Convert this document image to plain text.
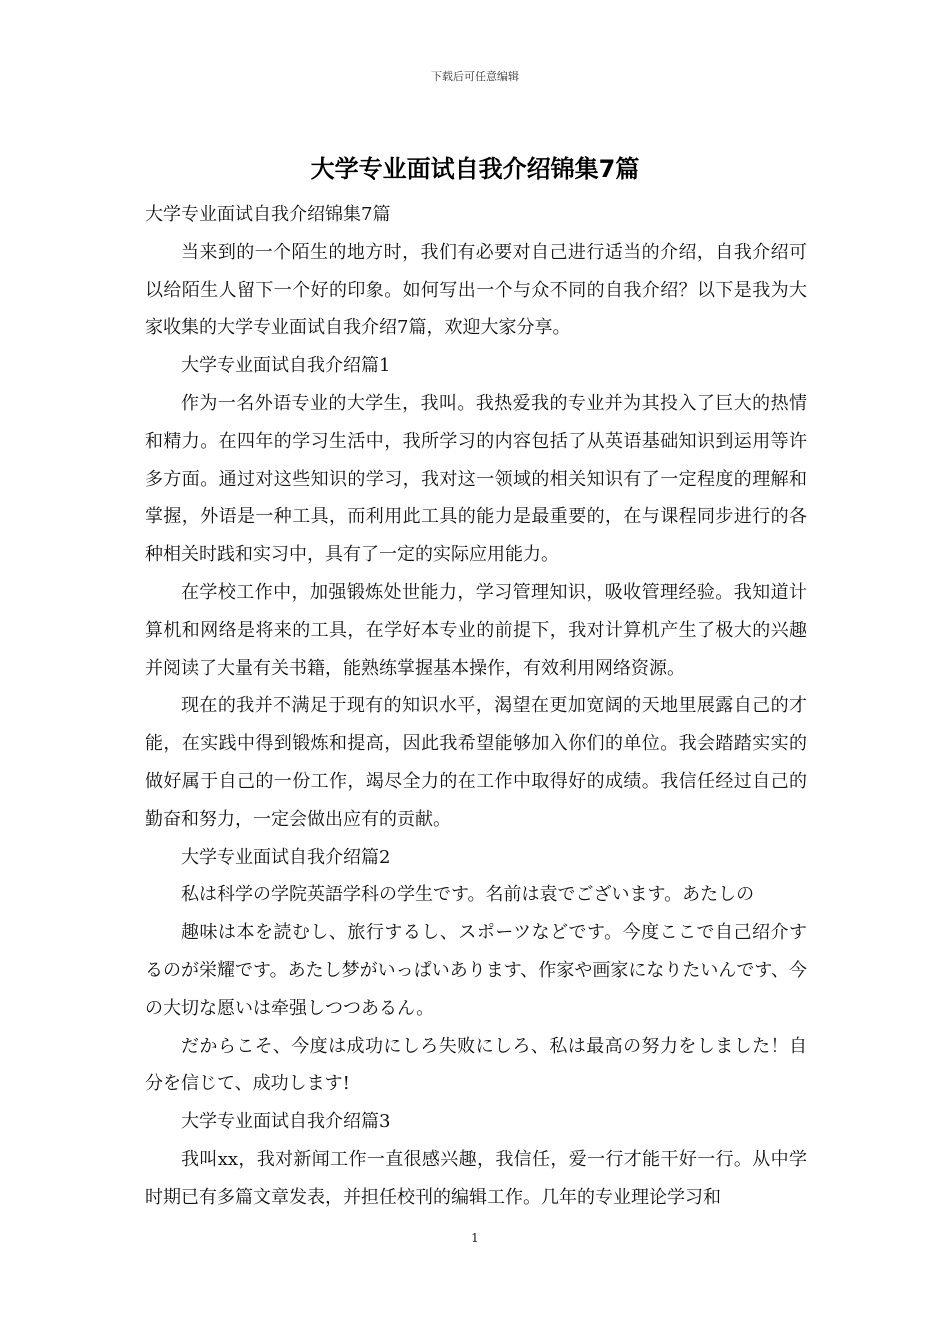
下载后可任意编辑
大学专业面试自我介绍锦集7篇

大学专业面试自我介绍锦集7篇

当来到的一个陌生的地方时，我们有必要对自己进行适当的介绍，自我介绍可以给陌生人留下一个好的印象。如何写出一个与众不同的自我介绍？以下是我为大家收集的大学专业面试自我介绍7篇，欢迎大家分享。

大学专业面试自我介绍篇1

作为一名外语专业的大学生，我叫。我热爱我的专业并为其投入了巨大的热情和精力。在四年的学习生活中，我所学习的内容包括了从英语基础知识到运用等许多方面。通过对这些知识的学习，我对这一领域的相关知识有了一定程度的理解和掌握，外语是一种工具，而利用此工具的能力是最重要的，在与课程同步进行的各种相关时践和实习中，具有了一定的实际应用能力。

在学校工作中，加强锻炼处世能力，学习管理知识，吸收管理经验。我知道计算机和网络是将来的工具，在学好本专业的前提下，我对计算机产生了极大的兴趣并阅读了大量有关书籍，能熟练掌握基本操作，有效利用网络资源。

现在的我并不满足于现有的知识水平，渴望在更加宽阔的天地里展露自己的才能，在实践中得到锻炼和提高，因此我希望能够加入你们的单位。我会踏踏实实的做好属于自己的一份工作，竭尽全力的在工作中取得好的成绩。我信任经过自己的勤奋和努力，一定会做出应有的贡献。

大学专业面试自我介绍篇2

私は科学の学院英語学科の学生です。名前は袁でございます。あたしの

趣味は本を読むし、旅行するし、スポーツなどです。今度ここで自己绍介するのが栄耀です。あたし梦がいっぱいあります、作家や画家になりたいんです、今の大切な愿いは牵强しつつあるん。

だからこそ、今度は成功にしろ失败にしろ、私は最高の努力をしました！自分を信じて、成功します!

大学专业面试自我介绍篇3

我叫xx，我对新闻工作一直很感兴趣，我信任，爱一行才能干好一行。从中学时期已有多篇文章发表，并担任校刊的编辑工作。几年的专业理论学习和

1
